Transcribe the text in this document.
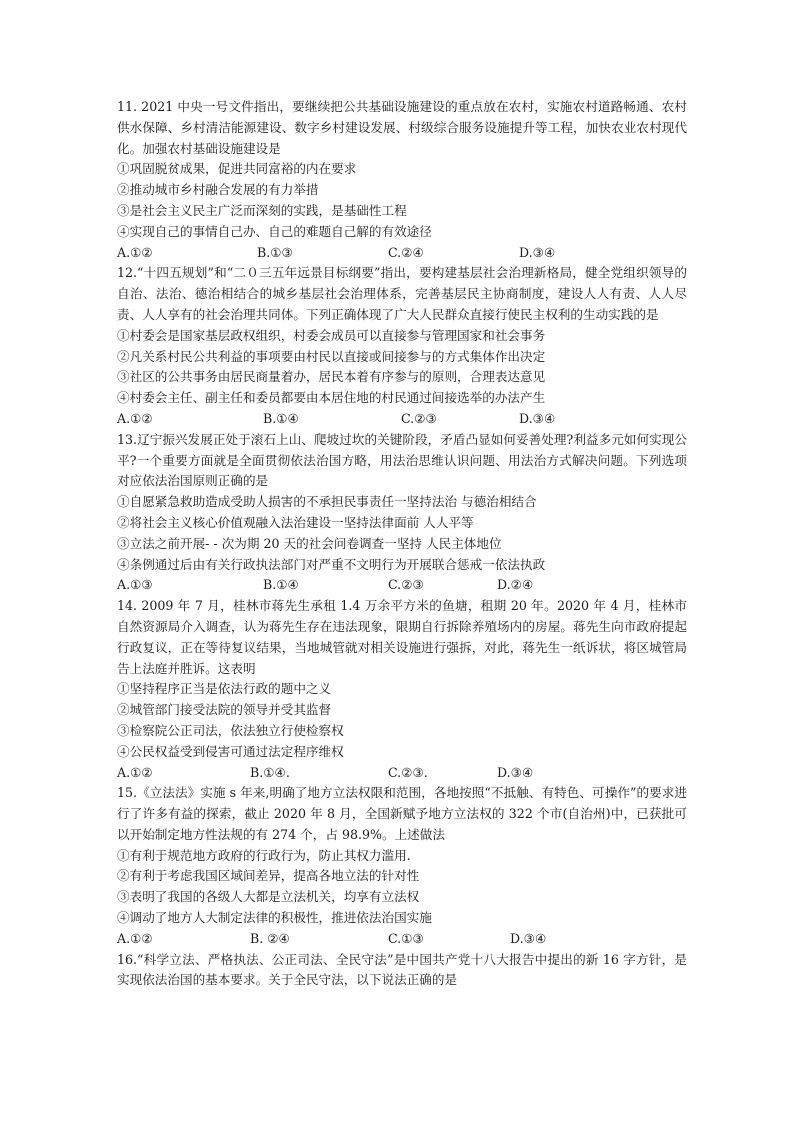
11. 2021 中央一号文件指出，要继续把公共基础设施建设的重点放在农村，实施农村道路畅通、农村供水保障、乡村清洁能源建设、数字乡村建设发展、村级综合服务设施提升等工程，加快农业农村现代化。加强农村基础设施建设是

①巩固脱贫成果，促进共同富裕的内在要求

②推动城市乡村融合发展的有力举措

③是社会主义民主广泛而深刻的实践，是基础性工程

④实现自己的事情自己办、自己的难题自己解的有效途径

A.①②	B.①③	C.②④	D.③④

12.“十四五规划”和“二０三五年远景目标纲要”指出，要构建基层社会治理新格局，健全党组织领导的自治、法治、德治相结合的城乡基层社会治理体系，完善基层民主协商制度，建设人人有责、人人尽责、人人享有的社会治理共同体。下列正确体现了广大人民群众直接行使民主权利的生动实践的是

①村委会是国家基层政权组织，村委会成员可以直接参与管理国家和社会事务

②凡关系村民公共利益的事项要由村民以直接或间接参与的方式集体作出决定

③社区的公共事务由居民商量着办，居民本着有序参与的原则，合理表达意见

④村委会主任、副主任和委员都要由本居住地的村民通过间接选举的办法产生

A.①②	B.①④	C.②③	D.③④

13.辽宁振兴发展正处于滚石上山、爬坡过坎的关键阶段，矛盾凸显如何妥善处理?利益多元如何实现公平?一个重要方面就是全面贯彻依法治国方略，用法治思维认识问题、用法治方式解决问题。下列选项对应依法治国原则正确的是

①自愿紧急救助造成受助人损害的不承担民事责任一坚持法治 与德治相结合

②将社会主义核心价值观融入法治建设一坚持法律面前 人人平等

③立法之前开展- - 次为期 20 天的社会问卷调查一坚持 人民主体地位

④条例通过后由有关行政执法部门对严重不文明行为开展联合惩戒一依法执政

A.①③	B.①④	C.②③	D.②④

14. 2009 年 7 月，桂林市蒋先生承租 1.4 万余平方米的鱼塘，租期 20 年。2020 年 4 月，桂林市自然资源局介入调查，认为蒋先生存在违法现象，限期自行拆除养殖场内的房屋。蒋先生向市政府提起行政复议，正在等待复议结果，当地城管就对相关设施进行强拆，对此，蒋先生一纸诉状，将区城管局告上法庭并胜诉。这表明

①坚持程序正当是依法行政的题中之义

②城管部门接受法院的领导并受其监督

③检察院公正司法，依法独立行使检察权

④公民权益受到侵害可通过法定程序维权

A.①②	B.①④.	C.②③.	D.③④

15.《立法法》实施 s 年来,明确了地方立法权限和范围，各地按照“不抵触、有特色、可操作”的要求进行了许多有益的探索，截止 2020 年 8 月，全国新赋予地方立法权的 322 个市(自治州)中，已获批可以开始制定地方性法规的有 274 个，占 98.9%。上述做法

①有利于规范地方政府的行政行为，防止其权力滥用.

②有利于考虑我国区域间差异，提高各地立法的针对性

③表明了我国的各级人大都是立法机关，均享有立法权

④调动了地方人大制定法律的积极性，推进依法治国实施

A.①②	B. ②④	C.①③	D.③④

16.“科学立法、严格执法、公正司法、全民守法”是中国共产党十八大报告中提出的新 16 字方针，是实现依法治国的基本要求。关于全民守法，以下说法正确的是
